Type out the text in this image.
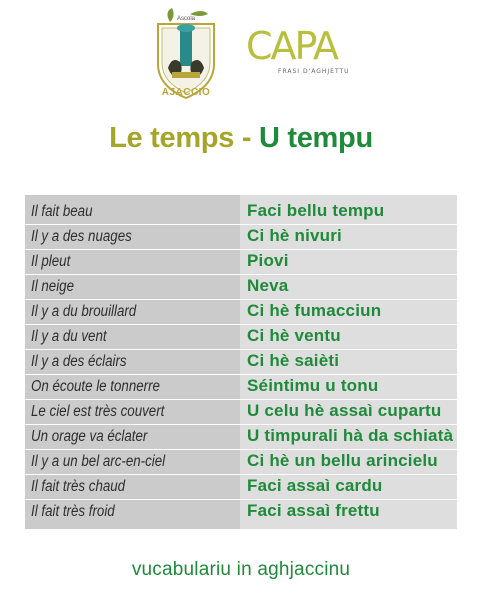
Ascola
AJACCIO
CAPA
FRASI D'AGHJETTU
Le temps - U tempu
Il fait beau	Faci bellu tempu
Il y a des nuages	Ci hè nivuri
Il pleut	Piovi
Il neige	Neva
Il y a du brouillard	Ci hè fumacciun
Il y a du vent	Ci hè ventu
Il y a des éclairs	Ci hè saièti
On écoute le tonnerre	Séintimu u tonu
Le ciel est très couvert	U celu hè assaì cupartu
Un orage va éclater	U timpurali hà da schiatà
Il y a un bel arc-en-ciel	Ci hè un bellu arincielu
Il fait très chaud	Faci assaì cardu
Il fait très froid	Faci assaì frettu
vucabulariu in aghjaccinu
